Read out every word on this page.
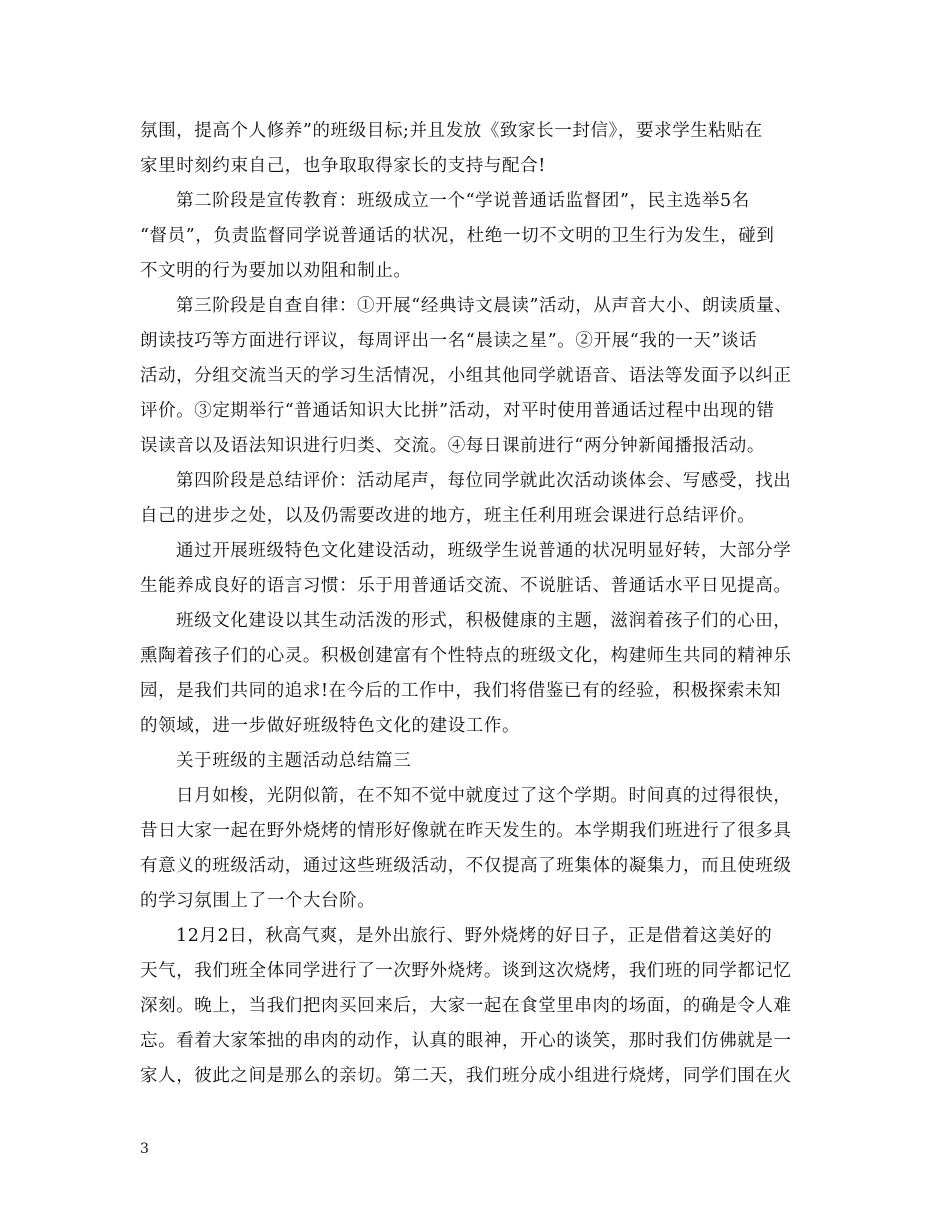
氛围，提高个人修养”的班级目标;并且发放《致家长一封信》，要求学生粘贴在
家里时刻约束自己，也争取取得家长的支持与配合!
第二阶段是宣传教育：班级成立一个“学说普通话监督团”，民主选举5名
“督员”，负责监督同学说普通话的状况，杜绝一切不文明的卫生行为发生，碰到
不文明的行为要加以劝阻和制止。
第三阶段是自查自律：①开展“经典诗文晨读”活动，从声音大小、朗读质量、
朗读技巧等方面进行评议，每周评出一名“晨读之星”。②开展“我的一天”谈话
活动，分组交流当天的学习生活情况，小组其他同学就语音、语法等发面予以纠正
评价。③定期举行“普通话知识大比拼”活动，对平时使用普通话过程中出现的错
误读音以及语法知识进行归类、交流。④每日课前进行“两分钟新闻播报活动。
第四阶段是总结评价：活动尾声，每位同学就此次活动谈体会、写感受，找出
自己的进步之处，以及仍需要改进的地方，班主任利用班会课进行总结评价。
通过开展班级特色文化建设活动，班级学生说普通的状况明显好转，大部分学
生能养成良好的语言习惯：乐于用普通话交流、不说脏话、普通话水平日见提高。
班级文化建设以其生动活泼的形式，积极健康的主题，滋润着孩子们的心田，
熏陶着孩子们的心灵。积极创建富有个性特点的班级文化，构建师生共同的精神乐
园，是我们共同的追求!在今后的工作中，我们将借鉴已有的经验，积极探索未知
的领域，进一步做好班级特色文化的建设工作。
关于班级的主题活动总结篇三
日月如梭，光阴似箭，在不知不觉中就度过了这个学期。时间真的过得很快，
昔日大家一起在野外烧烤的情形好像就在昨天发生的。本学期我们班进行了很多具
有意义的班级活动，通过这些班级活动，不仅提高了班集体的凝集力，而且使班级
的学习氛围上了一个大台阶。
12月2日，秋高气爽，是外出旅行、野外烧烤的好日子，正是借着这美好的
天气，我们班全体同学进行了一次野外烧烤。谈到这次烧烤，我们班的同学都记忆
深刻。晚上，当我们把肉买回来后，大家一起在食堂里串肉的场面，的确是令人难
忘。看着大家笨拙的串肉的动作，认真的眼神，开心的谈笑，那时我们仿佛就是一
家人，彼此之间是那么的亲切。第二天，我们班分成小组进行烧烤，同学们围在火
3
